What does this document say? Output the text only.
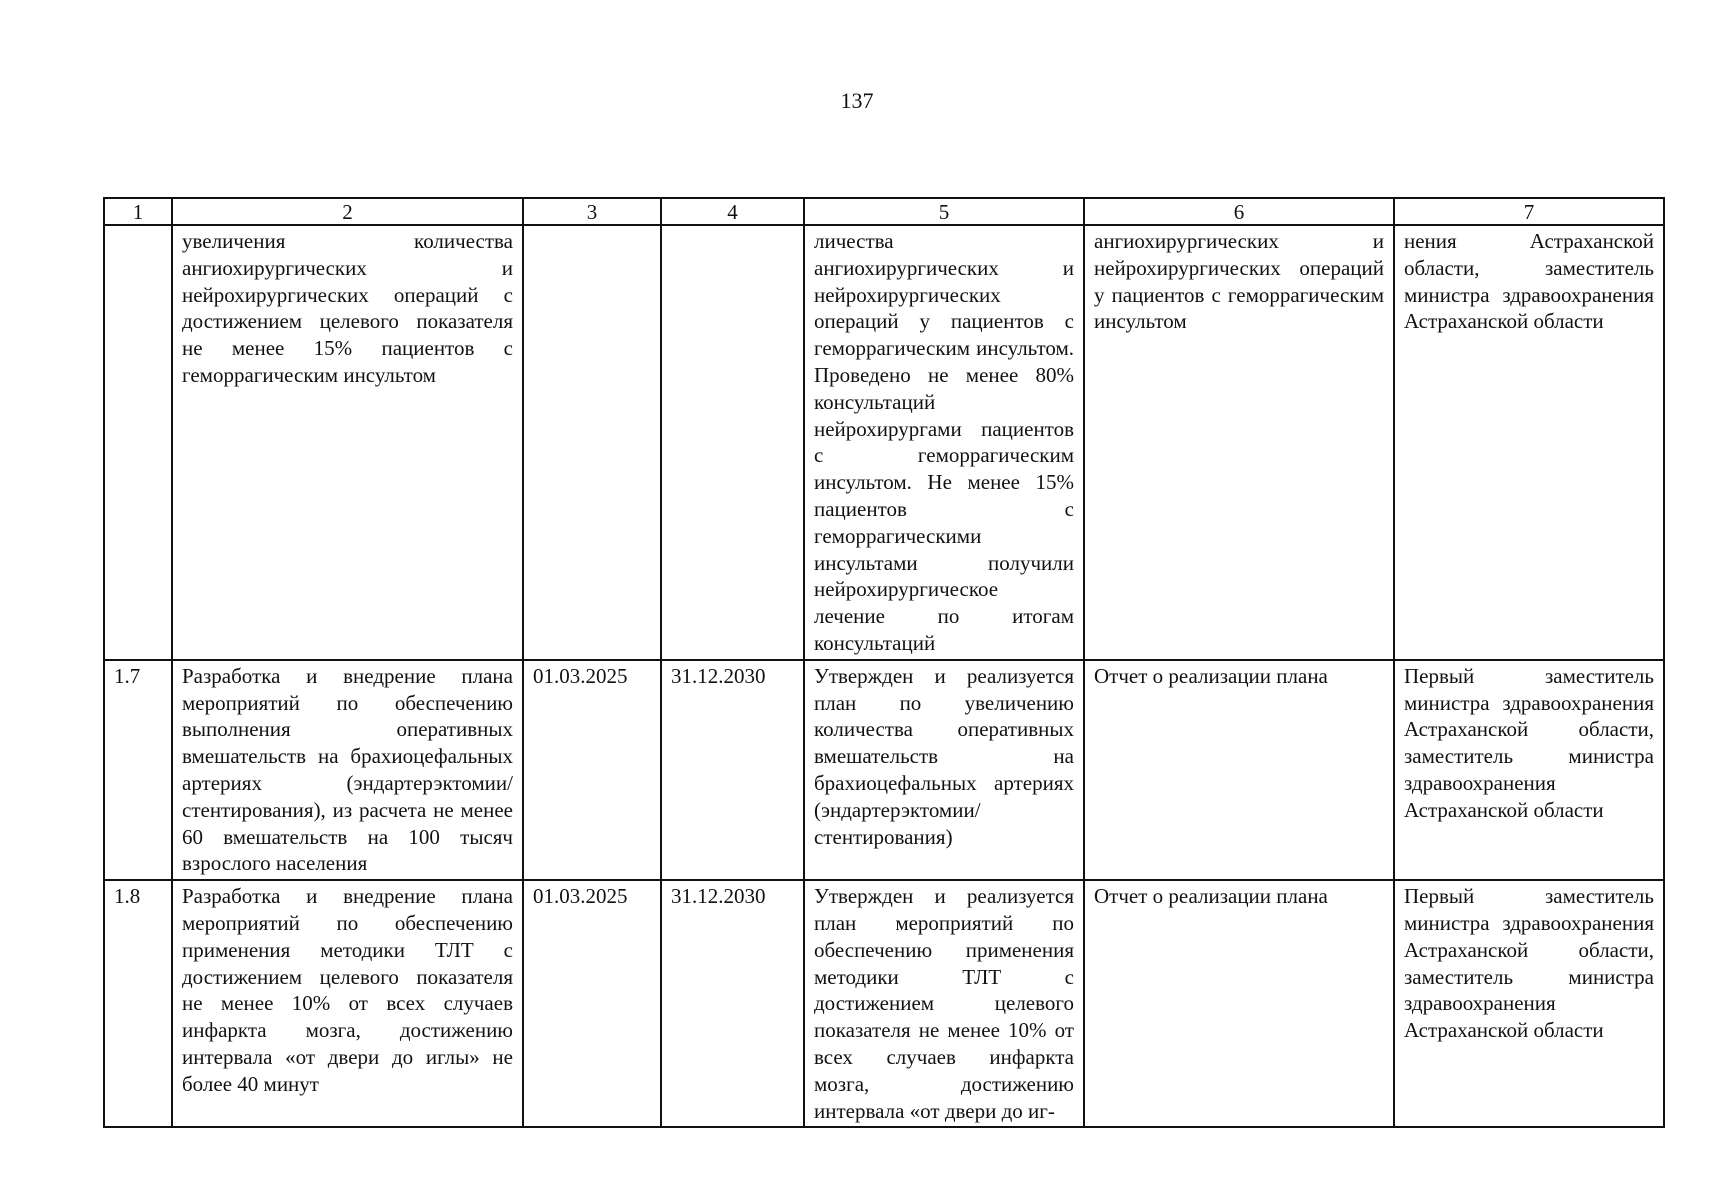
137
1	2	3	4	5	6	7
	увеличения количества ангиохирургических и нейрохирургических операций с достижением целевого показателя не менее 15% пациентов с геморрагическим инсультом			личества ангиохирургических и нейрохирургических операций у пациентов с геморрагическим инсультом. Проведено не менее 80% консультаций нейрохирургами пациентов с геморрагическим инсультом. Не менее 15% пациентов с геморрагическими инсультами получили нейрохирургическое лечение по итогам консультаций	ангиохирургических и нейрохирургических операций у пациентов с геморрагическим инсультом	нения Астраханской области, заместитель министра здравоохранения Астраханской области
1.7	Разработка и внедрение плана мероприятий по обеспечению выполнения оперативных вмешательств на брахиоцефальных артериях (эндартерэктомии/ стентирования), из расчета не менее 60 вмешательств на 100 тысяч взрослого населения	01.03.2025	31.12.2030	Утвержден и реализуется план по увеличению количества оперативных вмешательств на брахиоцефальных артериях (эндартерэктомии/ стентирования)	Отчет о реализации плана	Первый заместитель министра здравоохранения Астраханской области, заместитель министра здравоохранения Астраханской области
1.8	Разработка и внедрение плана мероприятий по обеспечению применения методики ТЛТ с достижением целевого показателя не менее 10% от всех случаев инфаркта мозга, достижению интервала «от двери до иглы» не более 40 минут	01.03.2025	31.12.2030	Утвержден и реализуется план мероприятий по обеспечению применения методики ТЛТ с достижением целевого показателя не менее 10% от всех случаев инфаркта мозга, достижению интервала «от двери до иг-	Отчет о реализации плана	Первый заместитель министра здравоохранения Астраханской области, заместитель министра здравоохранения Астраханской области
